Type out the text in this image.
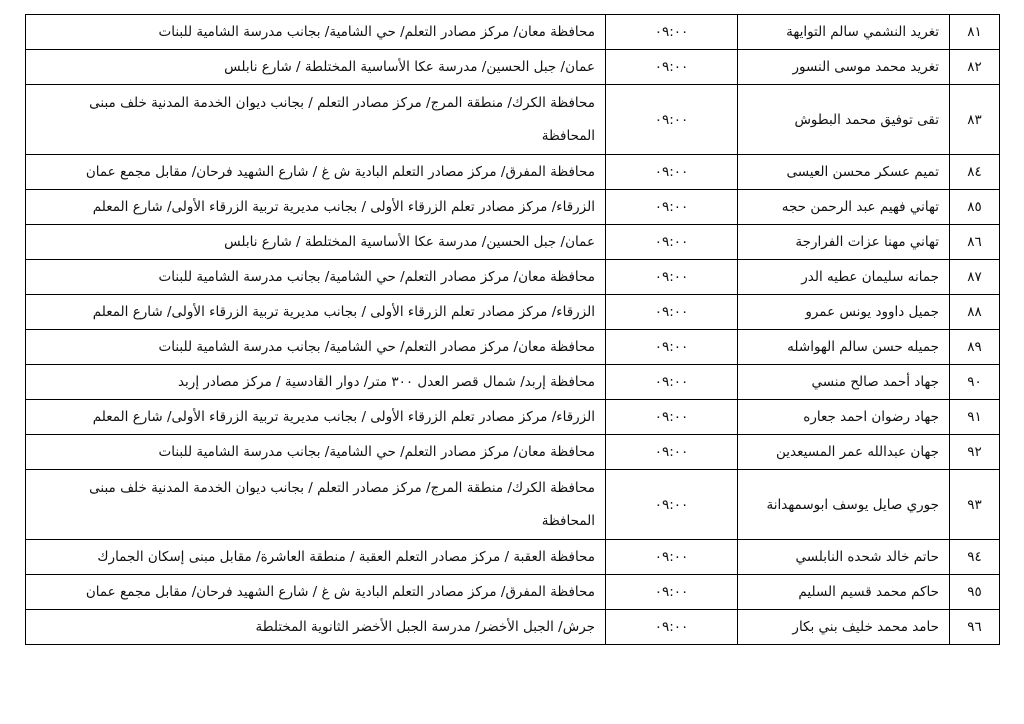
٨١	تغريد النشمي سالم التوايهة	٠٩:٠٠	محافظة معان/ مركز مصادر التعلم/ حي الشامية/ بجانب مدرسة الشامية للبنات
٨٢	تغريد محمد موسى النسور	٠٩:٠٠	عمان/ جبل الحسين/ مدرسة عكا الأساسية المختلطة / شارع نابلس
٨٣	تقى توفيق محمد البطوش	٠٩:٠٠	محافظة الكرك/ منطقة المرج/ مركز مصادر التعلم / بجانب ديوان الخدمة المدنية خلف مبنى المحافظة
٨٤	تميم عسكر محسن العيسى	٠٩:٠٠	محافظة المفرق/ مركز مصادر التعلم البادية ش غ / شارع الشهيد فرحان/ مقابل مجمع عمان
٨٥	تهاني فهيم عبد الرحمن حجه	٠٩:٠٠	الزرقاء/ مركز مصادر تعلم الزرقاء الأولى / بجانب مديرية تربية الزرقاء الأولى/ شارع المعلم
٨٦	تهاني مهنا عزات الفرارجة	٠٩:٠٠	عمان/ جبل الحسين/ مدرسة عكا الأساسية المختلطة / شارع نابلس
٨٧	جمانه سليمان عطيه الدر	٠٩:٠٠	محافظة معان/ مركز مصادر التعلم/ حي الشامية/ بجانب مدرسة الشامية للبنات
٨٨	جميل داوود يونس عمرو	٠٩:٠٠	الزرقاء/ مركز مصادر تعلم الزرقاء الأولى / بجانب مديرية تربية الزرقاء الأولى/ شارع المعلم
٨٩	جميله حسن سالم الهواشله	٠٩:٠٠	محافظة معان/ مركز مصادر التعلم/ حي الشامية/ بجانب مدرسة الشامية للبنات
٩٠	جهاد أحمد صالح منسي	٠٩:٠٠	محافظة إربد/ شمال قصر العدل ٣٠٠ متر/ دوار القادسية / مركز مصادر إربد
٩١	جهاد رضوان احمد جعاره	٠٩:٠٠	الزرقاء/ مركز مصادر تعلم الزرقاء الأولى / بجانب مديرية تربية الزرقاء الأولى/ شارع المعلم
٩٢	جهان عبدالله عمر المسيعدين	٠٩:٠٠	محافظة معان/ مركز مصادر التعلم/ حي الشامية/ بجانب مدرسة الشامية للبنات
٩٣	جوري صايل يوسف ابوسمهدانة	٠٩:٠٠	محافظة الكرك/ منطقة المرج/ مركز مصادر التعلم / بجانب ديوان الخدمة المدنية خلف مبنى المحافظة
٩٤	حاتم خالد شحده النابلسي	٠٩:٠٠	محافظة العقبة / مركز مصادر التعلم العقبة / منطقة العاشرة/ مقابل مبنى إسكان الجمارك
٩٥	حاكم محمد قسيم السليم	٠٩:٠٠	محافظة المفرق/ مركز مصادر التعلم البادية ش غ / شارع الشهيد فرحان/ مقابل مجمع عمان
٩٦	حامد محمد خليف بني بكار	٠٩:٠٠	جرش/ الجبل الأخضر/ مدرسة الجبل الأخضر الثانوية المختلطة
